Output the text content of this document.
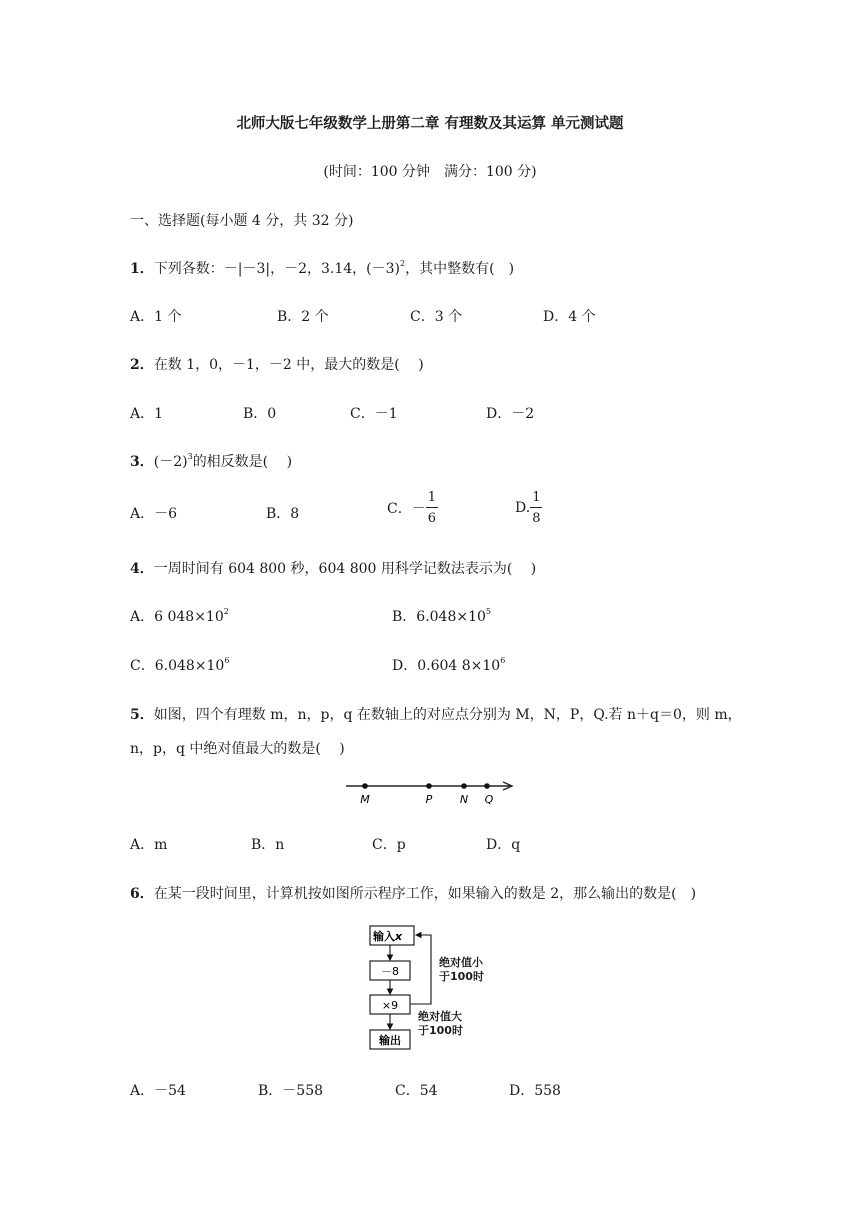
北师大版七年级数学上册第二章 有理数及其运算 单元测试题
(时间：100 分钟　满分：100 分)
一、选择题(每小题 4 分，共 32 分)
1．下列各数：－|－3|，－2，3.14，$(-3)^2$，其中整数有(　)
A．1 个	B．2 个	C．3 个	D．4 个
2．在数 1，0，－1，－2 中，最大的数是(　 )
A．1	B．0	C．－1	D．－2
3．$(-2)^3$的相反数是(　 )
A．－6	B．8	C．－ $\frac{1}{6}$	D. $\frac{1}{8}$
4．一周时间有 604 800 秒，604 800 用科学记数法表示为(　 )
A．6 $048\times 10^2$	B．$6.048\times 10^5$
C．$6.048\times 10^6$	D．0.604 $8\times 10^6$
5．如图，四个有理数 m，n，p，q 在数轴上的对应点分别为 M，N，P，Q.若 n＋q＝0，则 m，
n，p，q 中绝对值最大的数是(　 )
M	P	N Q
A．m	B．n	C．p	D．q
6．在某一段时间里，计算机按如图所示程序工作，如果输入的数是 2，那么输出的数是(　)
输入x
－8
×9
输出
绝对值小
于100时
绝对值大
于100时
A．－54	B．－558	C．54	D．558
